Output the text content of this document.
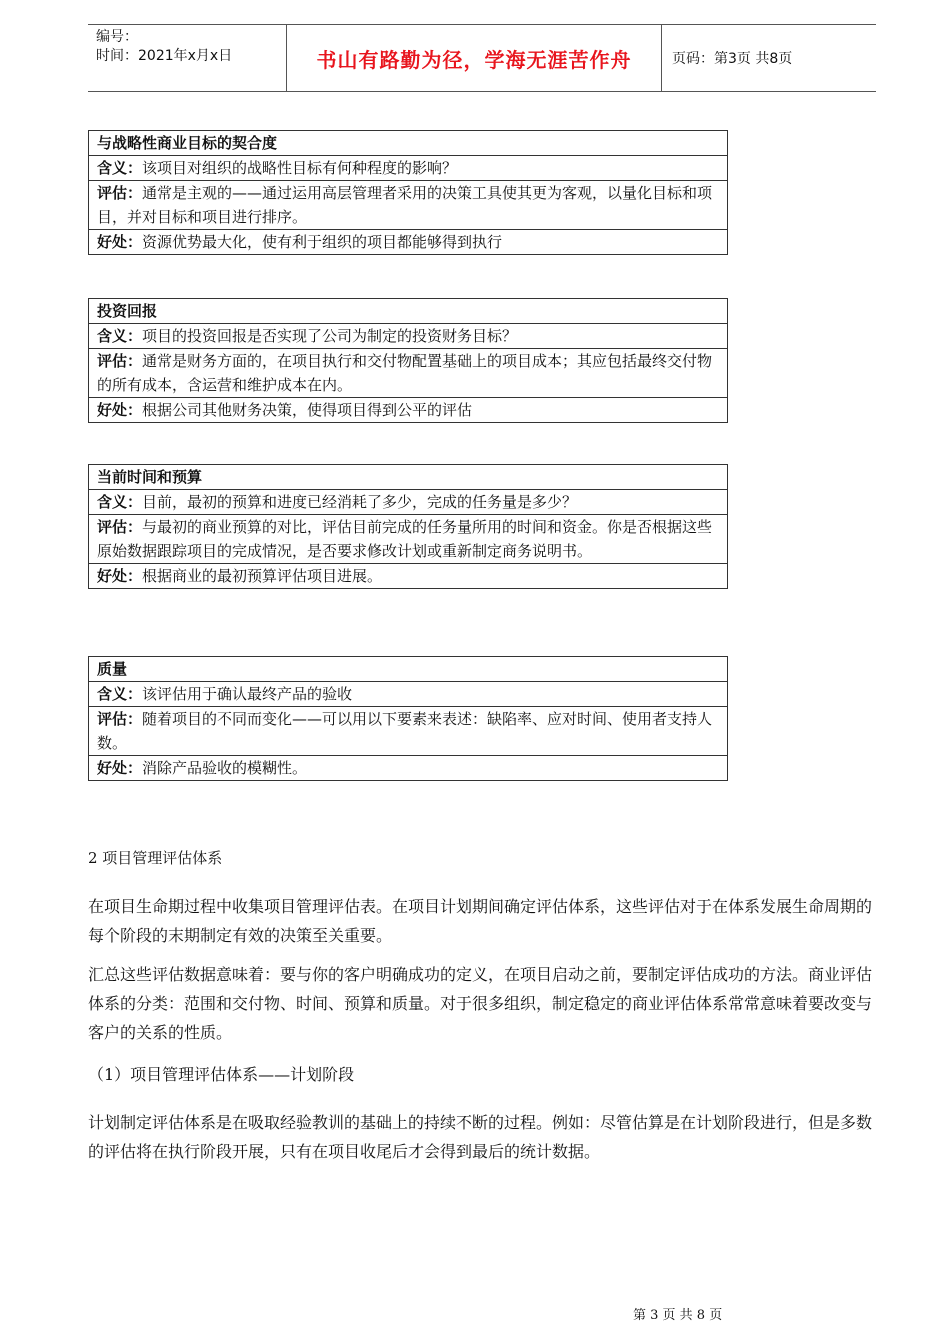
编号：
时间：2021年x月x日	书山有路勤为径，学海无涯苦作舟	页码：第3页 共8页
与战略性商业目标的契合度
含义：该项目对组织的战略性目标有何种程度的影响？
评估：通常是主观的——通过运用高层管理者采用的决策工具使其更为客观，以量化目标和项目，并对目标和项目进行排序。
好处：资源优势最大化，使有利于组织的项目都能够得到执行
投资回报
含义：项目的投资回报是否实现了公司为制定的投资财务目标？
评估：通常是财务方面的，在项目执行和交付物配置基础上的项目成本；其应包括最终交付物的所有成本，含运营和维护成本在内。
好处：根据公司其他财务决策，使得项目得到公平的评估
当前时间和预算
含义：目前，最初的预算和进度已经消耗了多少，完成的任务量是多少？
评估：与最初的商业预算的对比，评估目前完成的任务量所用的时间和资金。你是否根据这些原始数据跟踪项目的完成情况，是否要求修改计划或重新制定商务说明书。
好处：根据商业的最初预算评估项目进展。
质量
含义：该评估用于确认最终产品的验收
评估：随着项目的不同而变化——可以用以下要素来表述：缺陷率、应对时间、使用者支持人数。
好处：消除产品验收的模糊性。
2 项目管理评估体系
在项目生命期过程中收集项目管理评估表。在项目计划期间确定评估体系，这些评估对于在体系发展生命周期的每个阶段的末期制定有效的决策至关重要。
汇总这些评估数据意味着：要与你的客户明确成功的定义，在项目启动之前，要制定评估成功的方法。商业评估体系的分类：范围和交付物、时间、预算和质量。对于很多组织，制定稳定的商业评估体系常常意味着要改变与客户的关系的性质。
（1）项目管理评估体系——计划阶段
计划制定评估体系是在吸取经验教训的基础上的持续不断的过程。例如：尽管估算是在计划阶段进行，但是多数的评估将在执行阶段开展，只有在项目收尾后才会得到最后的统计数据。
第 3 页 共 8 页
